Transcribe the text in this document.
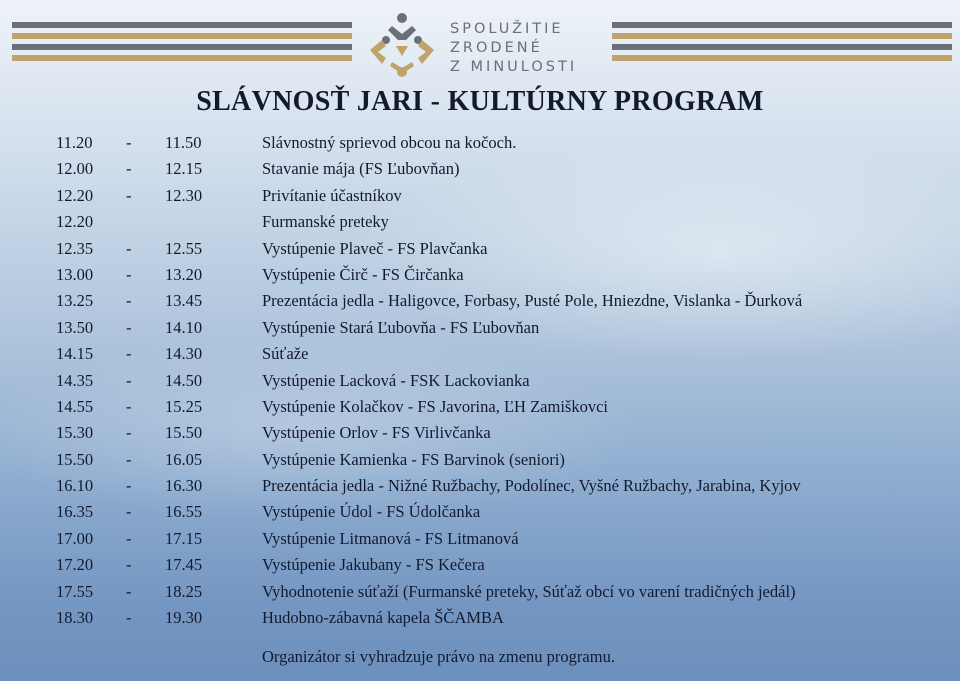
SPOLUŽITIE
ZRODENÉ
Z MINULOSTI
SLÁVNOSŤ JARI - KULTÚRNY PROGRAM
11.20 - 11.50	Slávnostný sprievod obcou na kočoch.
12.00 - 12.15	Stavanie mája (FS Ľubovňan)
12.20 - 12.30	Privítanie účastníkov
12.20	Furmanské preteky
12.35 - 12.55	Vystúpenie Plaveč - FS Plavčanka
13.00 - 13.20	Vystúpenie Čirč - FS Čirčanka
13.25 - 13.45	Prezentácia jedla - Haligovce, Forbasy, Pusté Pole, Hniezdne, Vislanka - Ďurková
13.50 - 14.10	Vystúpenie Stará Ľubovňa - FS Ľubovňan
14.15 - 14.30	Súťaže
14.35 - 14.50	Vystúpenie Lacková - FSK Lackovianka
14.55 - 15.25	Vystúpenie Kolačkov - FS Javorina, ĽH Zamiškovci
15.30 - 15.50	Vystúpenie Orlov - FS Virlivčanka
15.50 - 16.05	Vystúpenie Kamienka - FS Barvinok (seniori)
16.10 - 16.30	Prezentácia jedla - Nižné Ružbachy, Podolínec, Vyšné Ružbachy, Jarabina, Kyjov
16.35 - 16.55	Vystúpenie Údol - FS Údolčanka
17.00 - 17.15	Vystúpenie Litmanová - FS Litmanová
17.20 - 17.45	Vystúpenie Jakubany - FS Kečera
17.55 - 18.25	Vyhodnotenie súťaží (Furmanské preteky, Súťaž obcí vo varení tradičných jedál)
18.30 - 19.30	Hudobno-zábavná kapela ŠČAMBA
Organizátor si vyhradzuje právo na zmenu programu.
